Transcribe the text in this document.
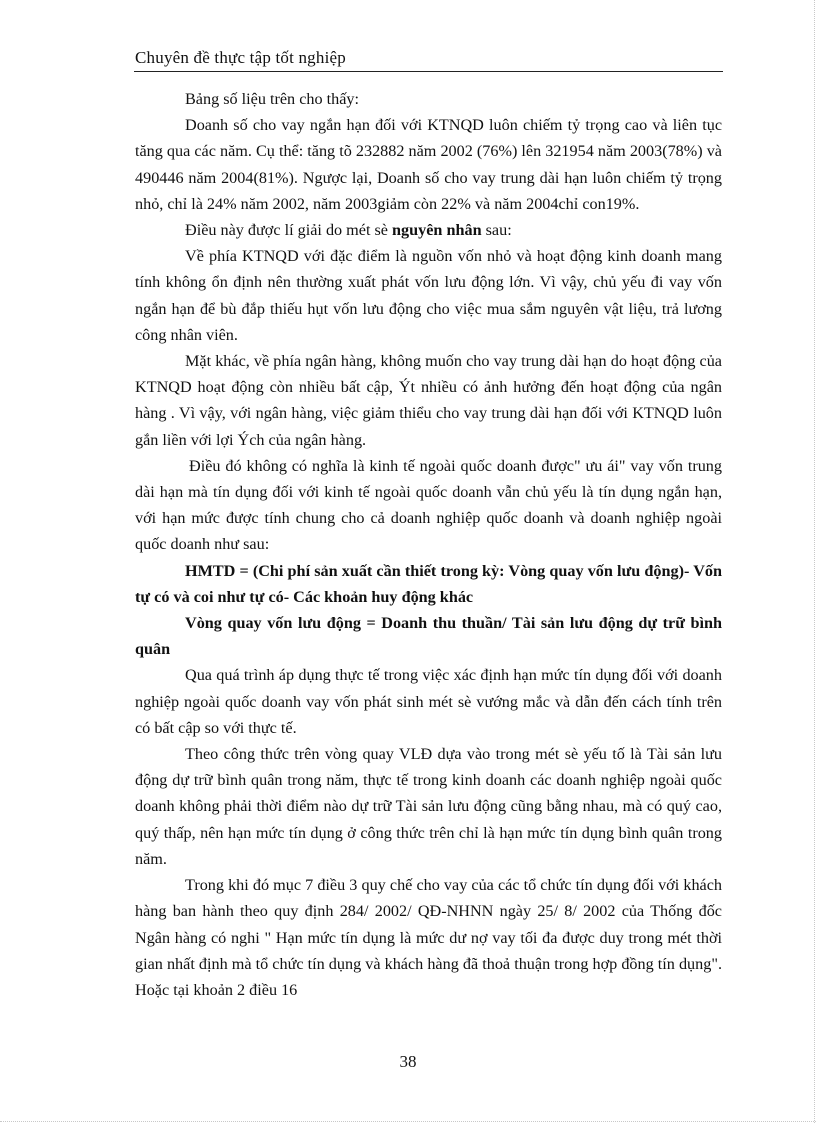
Chuyên đề thực tập tốt nghiệp

Bảng số liệu trên cho thấy:

Doanh số cho vay ngắn hạn đối với KTNQD luôn chiếm tỷ trọng cao và liên tục tăng qua các năm. Cụ thể: tăng tõ 232882 năm 2002 (76%) lên 321954 năm 2003(78%) và 490446 năm 2004(81%). Ngược lại, Doanh số cho vay trung dài hạn luôn chiếm tỷ trọng nhỏ, chỉ là 24% năm 2002, năm 2003giảm còn 22% và năm 2004chỉ con19%.

Điều này được lí giải do mét sè nguyên nhân sau:

Về phía KTNQD với đặc điểm là nguồn vốn nhỏ và hoạt động kinh doanh mang tính không ổn định nên thường xuất phát vốn lưu động lớn. Vì vậy, chủ yếu đi vay vốn ngắn hạn để bù đắp thiếu hụt vốn lưu động cho việc mua sắm nguyên vật liệu, trả lương công nhân viên.

Mặt khác, về phía ngân hàng, không muốn cho vay trung dài hạn do hoạt động của KTNQD hoạt động còn nhiều bất cập, Ýt nhiều có ảnh hưởng đến hoạt động của ngân hàng . Vì vậy, với ngân hàng, việc giảm thiểu cho vay trung dài hạn đối với KTNQD luôn gắn liền với lợi Ých của ngân hàng.

Điều đó không có nghĩa là kinh tế ngoài quốc doanh được" ưu ái" vay vốn trung dài hạn mà tín dụng đối với kinh tế ngoài quốc doanh vẫn chủ yếu là tín dụng ngắn hạn, với hạn mức được tính chung cho cả doanh nghiệp quốc doanh và doanh nghiệp ngoài quốc doanh như sau:

HMTD = (Chi phí sản xuất cần thiết trong kỳ: Vòng quay vốn lưu động)- Vốn tự có và coi như tự có- Các khoản huy động khác

Vòng quay vốn lưu động = Doanh thu thuần/ Tài sản lưu động dự trữ bình quân

Qua quá trình áp dụng thực tế trong việc xác định hạn mức tín dụng đối với doanh nghiệp ngoài quốc doanh vay vốn phát sinh mét sè vướng mắc và dẫn đến cách tính trên có bất cập so với thực tế.

Theo công thức trên vòng quay VLĐ dựa vào trong mét sè yếu tố là Tài sản lưu động dự trữ bình quân trong năm, thực tế trong kinh doanh các doanh nghiệp ngoài quốc doanh không phải thời điểm nào dự trữ Tài sản lưu động cũng bằng nhau, mà có quý cao, quý thấp, nên hạn mức tín dụng ở công thức trên chỉ là hạn mức tín dụng bình quân trong năm.

Trong khi đó mục 7 điều 3 quy chế cho vay của các tổ chức tín dụng đối với khách hàng ban hành theo quy định 284/ 2002/ QĐ-NHNN ngày 25/ 8/ 2002 của Thống đốc Ngân hàng có nghi " Hạn mức tín dụng là mức dư nợ vay tối đa được duy trong mét thời gian nhất định mà tổ chức tín dụng và khách hàng đã thoả thuận trong hợp đồng tín dụng". Hoặc tại khoản 2 điều 16

38
